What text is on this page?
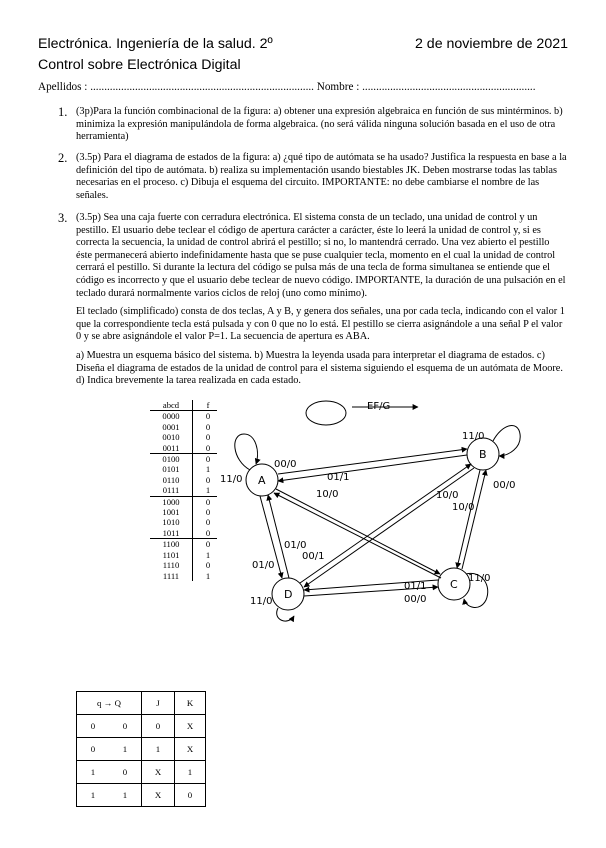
Electrónica. Ingeniería de la salud. 2º	2 de noviembre de 2021
Control sobre Electrónica Digital
Apellidos : ................................................................................ Nombre : ..............................................................
1. (3p)Para la función combinacional de la figura: a) obtener una expresión algebraica en función de sus mintérminos. b) minimiza la expresión manipulándola de forma algebraica. (no será válida ninguna solución basada en el uso de otra herramienta)
2. (3.5p) Para el diagrama de estados de la figura: a) ¿qué tipo de autómata se ha usado? Justifica la respuesta en base a la definición del tipo de autómata. b) realiza su implementación usando biestables JK. Deben mostrarse todas las tablas necesarias en el proceso. c) Dibuja el esquema del circuito. IMPORTANTE: no debe cambiarse el nombre de las señales.
3. (3.5p) Sea una caja fuerte con cerradura electrónica. El sistema consta de un teclado, una unidad de control y un pestillo. El usuario debe teclear el código de apertura carácter a carácter, éste lo leerá la unidad de control y, si es correcta la secuencia, la unidad de control abrirá el pestillo; si no, lo mantendrá cerrado. Una vez abierto el pestillo éste permanecerá abierto indefinidamente hasta que se puse cualquier tecla, momento en el cual la unidad de control cerrará el pestillo. Si durante la lectura del código se pulsa más de una tecla de forma simultanea se entiende que el código es incorrecto y que el usuario debe teclear de nuevo código. IMPORTANTE, la duración de una pulsación en el teclado durará normalmente varios ciclos de reloj (uno como mínimo).

El teclado (simplificado) consta de dos teclas, A y B, y genera dos señales, una por cada tecla, indicando con el valor 1 que la correspondiente tecla está pulsada y con 0 que no lo está. El pestillo se cierra asignándole a una señal P el valor 0 y se abre asignándole el valor P=1. La secuencia de apertura es ABA.

a) Muestra un esquema básico del sistema. b) Muestra la leyenda usada para interpretar el diagrama de estados. c) Diseña el diagrama de estados de la unidad de control para el sistema siguiendo el esquema de un autómata de Moore. d) Indica brevemente la tarea realizada en cada estado.

abcd	f
0000	0
0001	0
0010	0
0011	0
0100	0
0101	1
0110	0
0111	1
1000	0
1001	0
1010	0
1011	0
1100	0
1101	1
1110	0
1111	1
EF/G
A
B
C
D
11/0
00/0
01/1
11/0
00/0
10/0
10/0
10/0
01/0
00/1
01/0
11/0
01/1
00/0
11/0
q → Q		J	K
0	0	0	X
0	1	1	X
1	0	X	1
1	1	X	0
